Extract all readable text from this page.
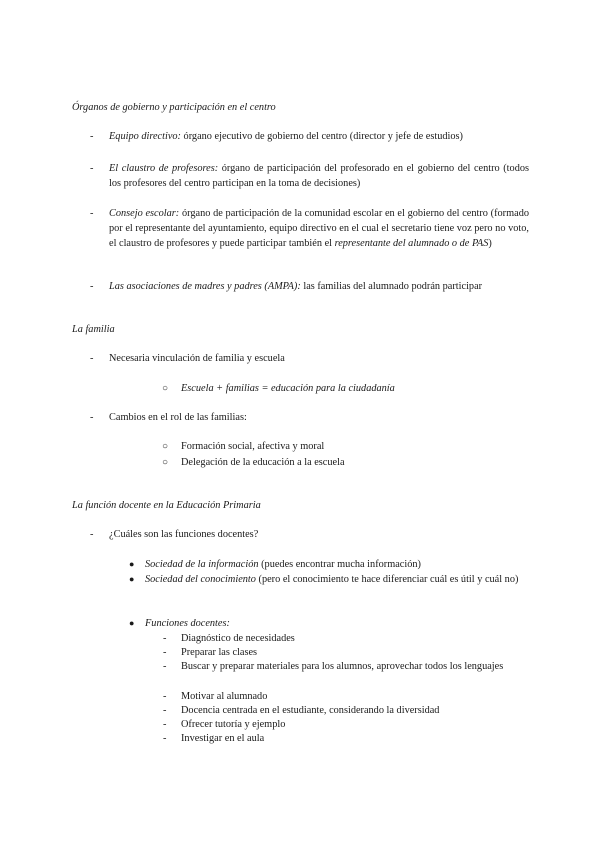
Órganos de gobierno y participación en el centro
- Equipo directivo: órgano ejecutivo de gobierno del centro (director y jefe de estudios)
- El claustro de profesores: órgano de participación del profesorado en el gobierno del centro (todos los profesores del centro participan en la toma de decisiones)
- Consejo escolar: órgano de participación de la comunidad escolar en el gobierno del centro (formado por el representante del ayuntamiento, equipo directivo en el cual el secretario tiene voz pero no voto, el claustro de profesores y puede participar también el representante del alumnado o de PAS)
- Las asociaciones de madres y padres (AMPA): las familias del alumnado podrán participar
La familia
- Necesaria vinculación de familia y escuela
○ Escuela + familias = educación para la ciudadanía
- Cambios en el rol de las familias:
○ Formación social, afectiva y moral
○ Delegación de la educación a la escuela
La función docente en la Educación Primaria
- ¿Cuáles son las funciones docentes?
● Sociedad de la información (puedes encontrar mucha información)
● Sociedad del conocimiento (pero el conocimiento te hace diferenciar cuál es útil y cuál no)
● Funciones docentes:
- Diagnóstico de necesidades
- Preparar las clases
- Buscar y preparar materiales para los alumnos, aprovechar todos los lenguajes
- Motivar al alumnado
- Docencia centrada en el estudiante, considerando la diversidad
- Ofrecer tutoría y ejemplo
- Investigar en el aula
